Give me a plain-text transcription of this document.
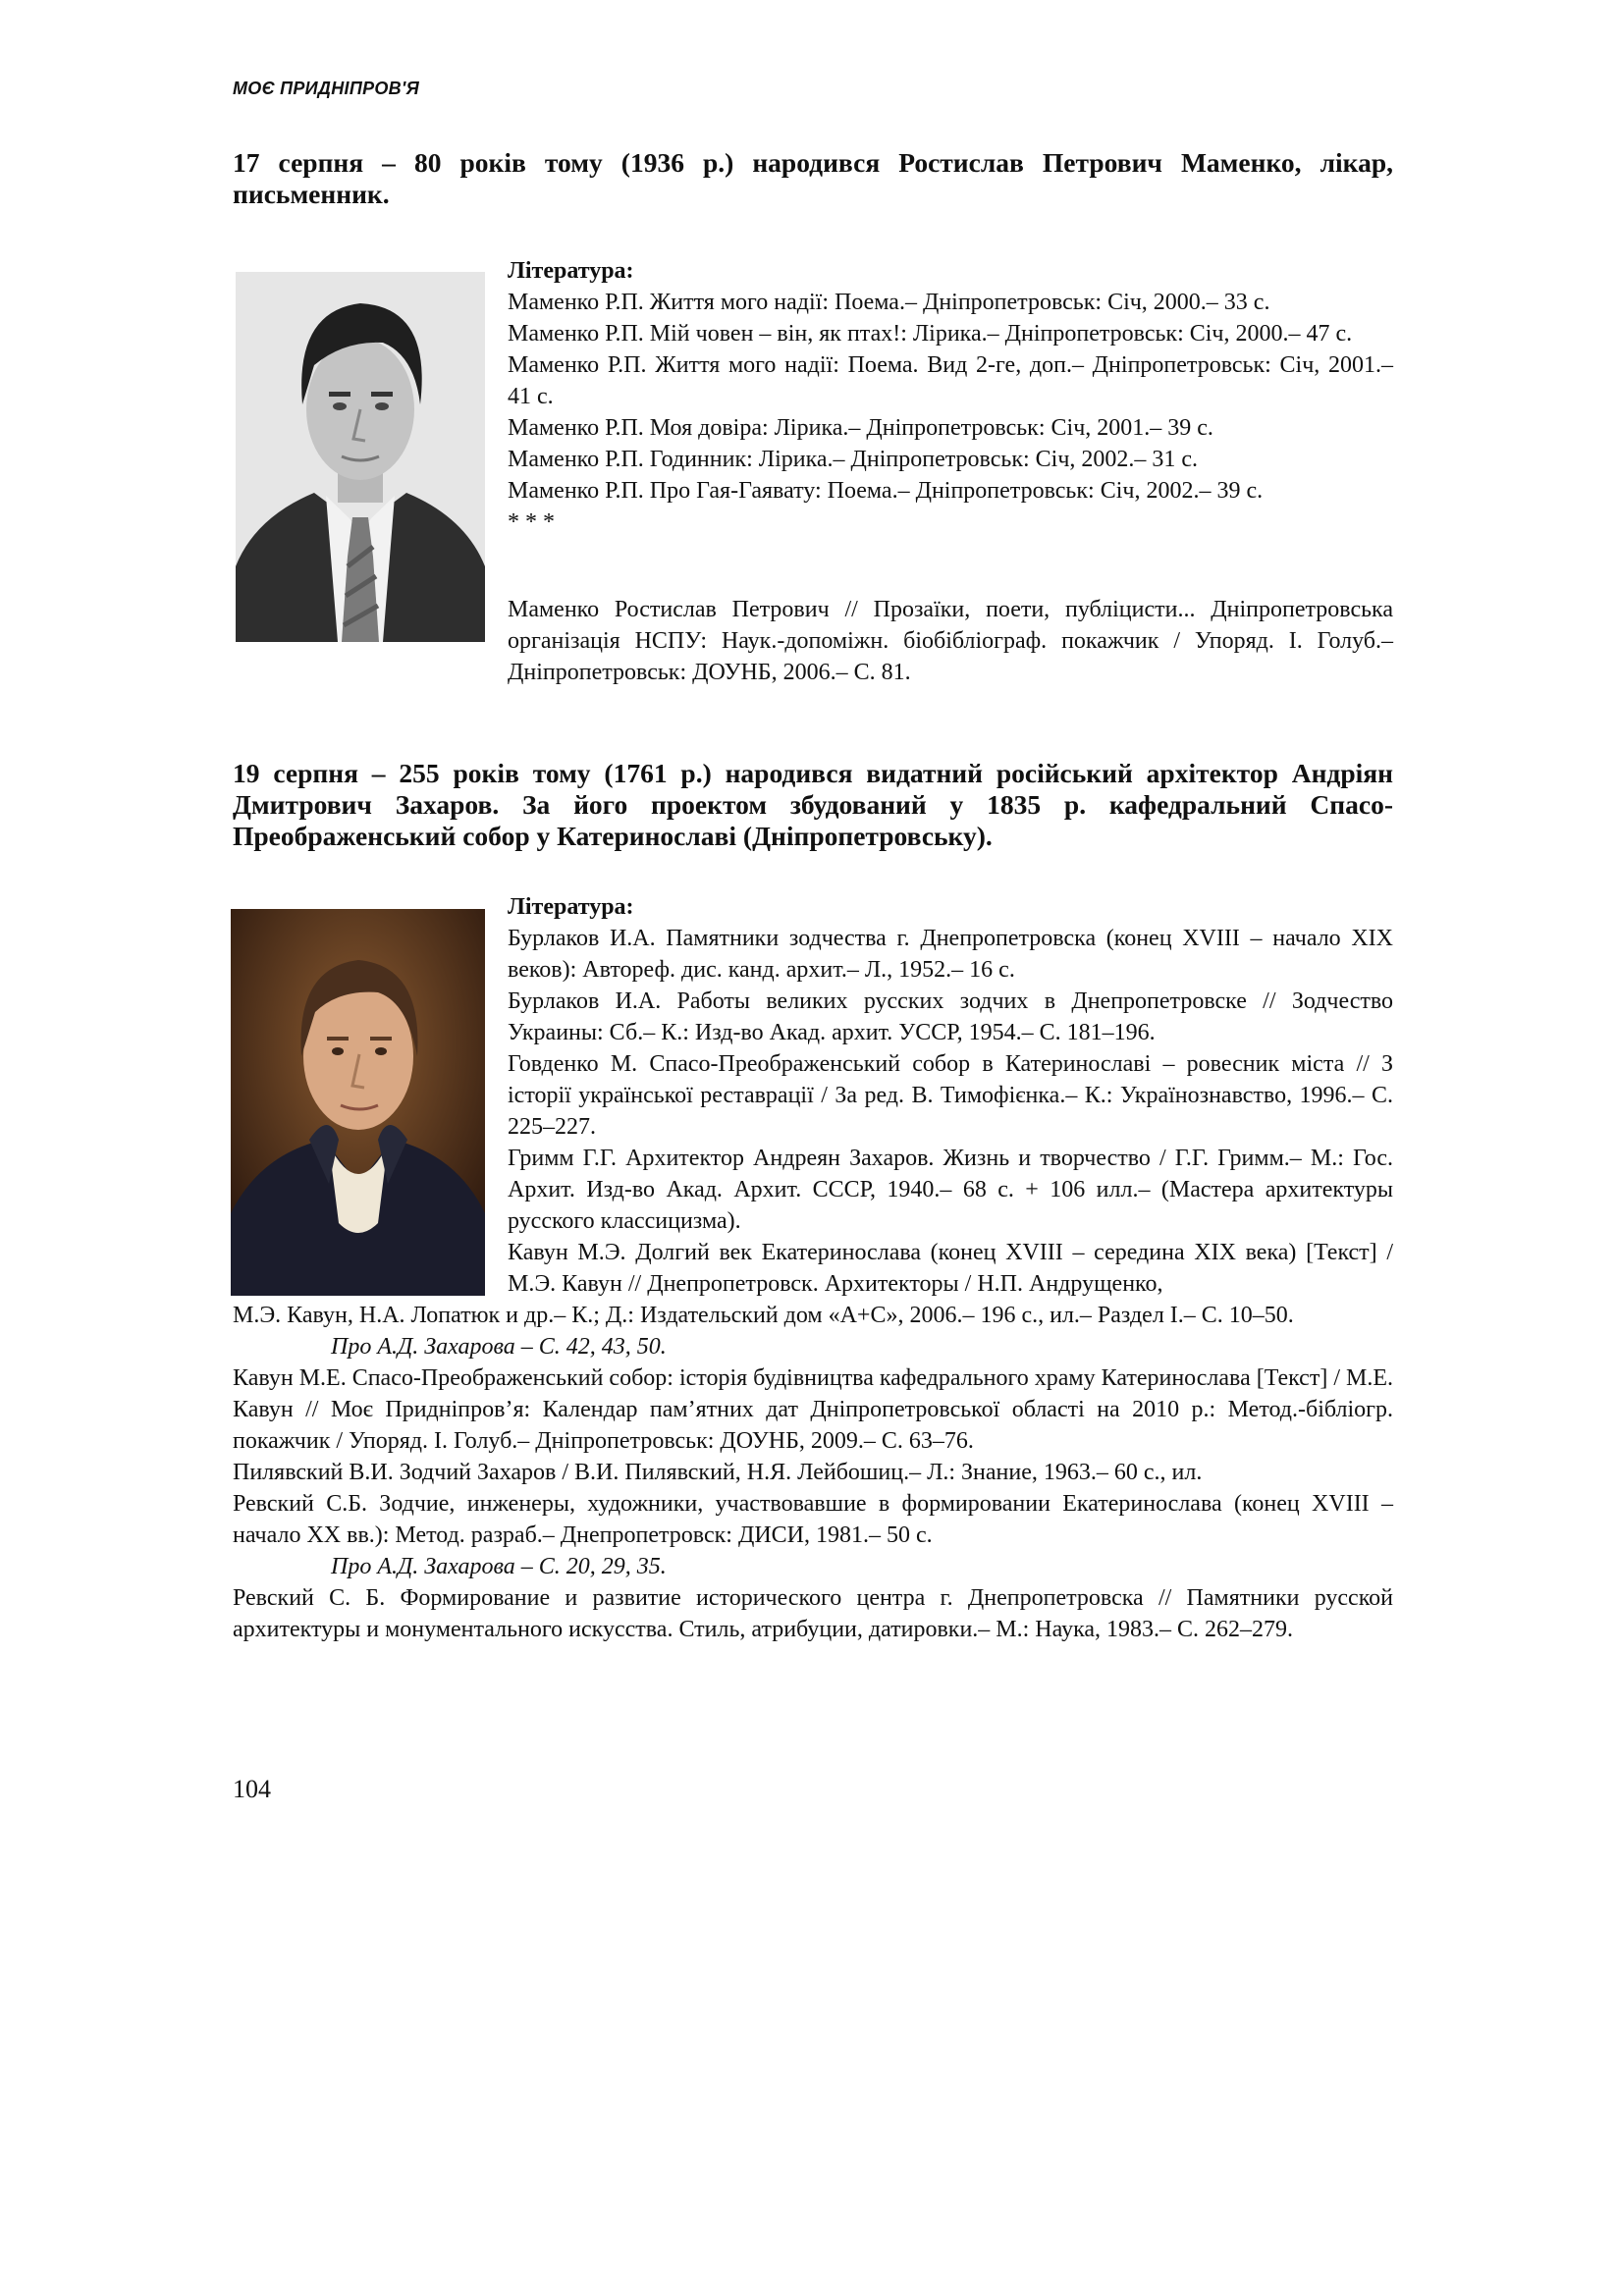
МОЄ ПРИДНІПРОВ'Я
17 серпня – 80 років тому (1936 р.) народився Ростислав Петрович Маменко, лікар, письменник.

Література:

Маменко Р.П. Життя мого надії: Поема.– Дніпропетровськ: Січ, 2000.– 33 с.

Маменко Р.П. Мій човен – він, як птах!: Лірика.– Дніпропетровськ: Січ, 2000.– 47 с.

Маменко Р.П. Життя мого надії: Поема. Вид 2-ге, доп.– Дніпропетровськ: Січ, 2001.– 41 с.

Маменко Р.П. Моя довіра: Лірика.– Дніпропетровськ: Січ, 2001.– 39 с.

Маменко Р.П. Годинник: Лірика.– Дніпропетровськ: Січ, 2002.– 31 с.

Маменко Р.П. Про Гая-Гаявату: Поема.– Дніпропетровськ: Січ, 2002.– 39 с.

* * *

Маменко Ростислав Петрович // Прозаїки, поети, публіцисти... Дніпропетровська організація НСПУ: Наук.-допоміжн. біобібліограф. покажчик / Упоряд. І. Голуб.– Дніпропетровськ: ДОУНБ, 2006.– С. 81.

19 серпня – 255 років тому (1761 р.) народився видатний російський архітектор Андріян Дмитрович Захаров. За його проектом збудований у 1835 р. кафедральний Спасо-Преображенський собор у Катеринославі (Дніпропетровську).

Література:

Бурлаков И.А. Памятники зодчества г. Днепропетровска (конец XVIII – начало XIX веков): Автореф. дис. канд. архит.– Л., 1952.– 16 с.

Бурлаков И.А. Работы великих русских зодчих в Днепропетровске // Зодчество Украины: Сб.– К.: Изд-во Акад. архит. УССР, 1954.– С. 181–196.

Говденко М. Спасо-Преображенський собор в Катеринославі – ровесник міста // З історії української реставрації / За ред. В. Тимофієнка.– К.: Українознавство, 1996.– С. 225–227.

Гримм Г.Г. Архитектор Андреян Захаров. Жизнь и творчество / Г.Г. Гримм.– М.: Гос. Архит. Изд-во Акад. Архит. СССР, 1940.– 68 с. + 106 илл.– (Мастера архитектуры русского классицизма).

Кавун М.Э. Долгий век Екатеринослава (конец XVIII – середина XIX века) [Текст] / М.Э. Кавун // Днепропетровск. Архитекторы / Н.П. Андрущенко,

М.Э. Кавун, Н.А. Лопатюк и др.– К.; Д.: Издательский дом «А+С», 2006.– 196 с., ил.– Раздел І.– С. 10–50.

Про А.Д. Захарова – С. 42, 43, 50.

Кавун М.Е. Спасо-Преображенський собор: історія будівництва кафедрального храму Катеринослава [Текст] / М.Е. Кавун // Моє Придніпров’я: Календар пам’ятних дат Дніпропетровської області на 2010 р.: Метод.-бібліогр. покажчик / Упоряд. І. Голуб.– Дніпропетровськ: ДОУНБ, 2009.– С. 63–76.

Пилявский В.И. Зодчий Захаров / В.И. Пилявский, Н.Я. Лейбошиц.– Л.: Знание, 1963.– 60 с., ил.

Ревский С.Б. Зодчие, инженеры, художники, участвовавшие в формировании Екатеринослава (конец XVIII – начало XX вв.): Метод. разраб.– Днепропетровск: ДИСИ, 1981.– 50 с.

Про А.Д. Захарова – С. 20, 29, 35.

Ревский С. Б. Формирование и развитие исторического центра г. Днепропетровска // Памятники русской архитектуры и монументального искусства. Стиль, атрибуции, датировки.– М.: Наука, 1983.– С. 262–279.

104
